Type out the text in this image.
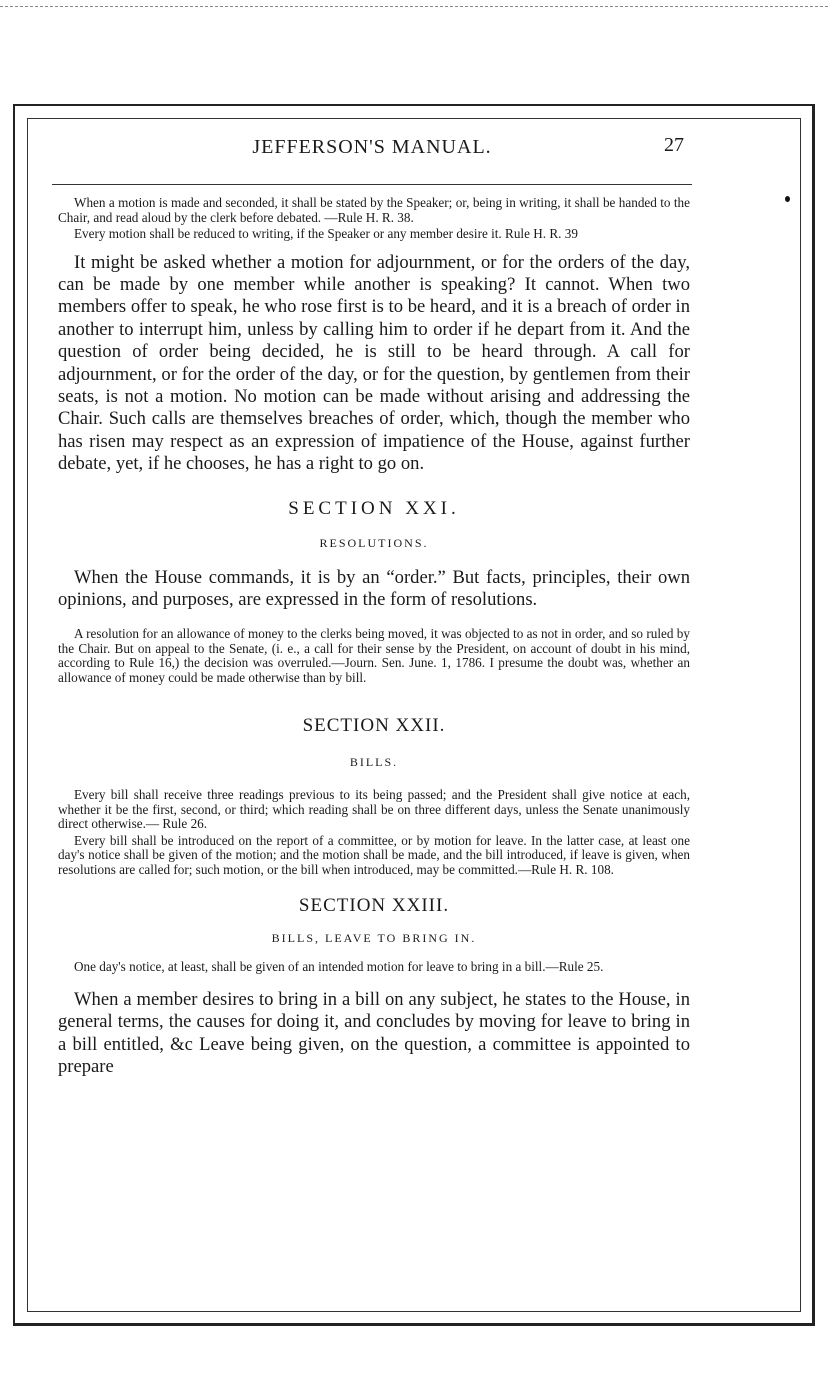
JEFFERSON'S MANUAL.	27

When a motion is made and seconded, it shall be stated by the Speaker; or, being in writing, it shall be handed to the Chair, and read aloud by the clerk before debated. —Rule H. R. 38.

Every motion shall be reduced to writing, if the Speaker or any member desire it. Rule H. R. 39

It might be asked whether a motion for adjournment, or for the orders of the day, can be made by one member while another is speaking? It cannot. When two members offer to speak, he who rose first is to be heard, and it is a breach of order in another to interrupt him, unless by calling him to order if he depart from it. And the question of order being decided, he is still to be heard through. A call for adjournment, or for the order of the day, or for the question, by gentlemen from their seats, is not a motion. No motion can be made without arising and addressing the Chair. Such calls are themselves breaches of order, which, though the member who has risen may respect as an expression of impatience of the House, against further debate, yet, if he chooses, he has a right to go on.

SECTION XXI.
RESOLUTIONS.

When the House commands, it is by an “order.” But facts, principles, their own opinions, and purposes, are expressed in the form of resolutions.

A resolution for an allowance of money to the clerks being moved, it was objected to as not in order, and so ruled by the Chair. But on appeal to the Senate, (i. e., a call for their sense by the President, on account of doubt in his mind, according to Rule 16,) the decision was overruled.—Journ. Sen. June. 1, 1786. I presume the doubt was, whether an allowance of money could be made otherwise than by bill.

SECTION XXII.
BILLS.

Every bill shall receive three readings previous to its being passed; and the President shall give notice at each, whether it be the first, second, or third; which reading shall be on three different days, unless the Senate unanimously direct otherwise.— Rule 26.

Every bill shall be introduced on the report of a committee, or by motion for leave. In the latter case, at least one day's notice shall be given of the motion; and the motion shall be made, and the bill introduced, if leave is given, when resolutions are called for; such motion, or the bill when introduced, may be committed.—Rule H. R. 108.

SECTION XXIII.
BILLS, LEAVE TO BRING IN.

One day's notice, at least, shall be given of an intended motion for leave to bring in a bill.—Rule 25.

When a member desires to bring in a bill on any subject, he states to the House, in general terms, the causes for doing it, and concludes by moving for leave to bring in a bill entitled, &c Leave being given, on the question, a committee is appointed to prepare
